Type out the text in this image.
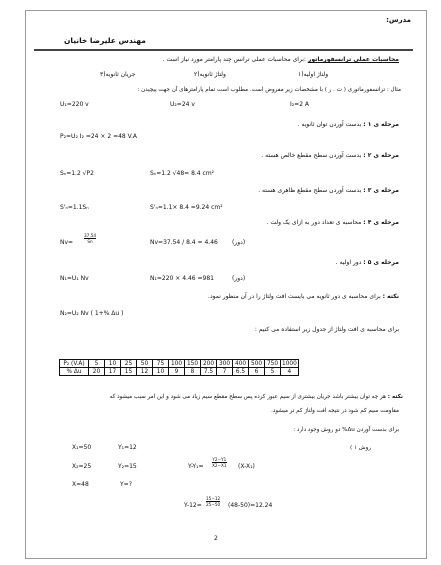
مدرس:
مهندس علیرضا خانیان
محاسبات عملی ترانسفورماتور :برای محاسبات عملی ترانس چند پارامتر مورد نیاز است .
۱)ولتاژ اولیه
۲)ولتاژ ثانویه
۳)جریان ثانویه
مثال : ترانسفورماتوری ( ت . ر ) با مشخصات زیر مفروض است. مطلوب است تمام پارامترهای آن جهت پیچیدن :
U₁=220 v	U₂=24 v	I₂=2 A
مرحله ی ۱ : بدست آوردن توان ثانویه .
P₂=U₂ I₂ =24 × 2 =48 V.A
مرحله ی ۲ : بدست آوردن سطح مقطع خالص هسته .
Sₙ=1.2 √P2	Sₙ=1.2 √48= 8.4 cm²
مرحله ی ۳ : بدست آوردن سطح مقطع ظاهری هسته .
S'ₙ=1.1Sₙ	S'ₙ=1.1× 8.4 =9.24 cm²
مرحله ی ۴ : محاسبه ی تعداد دور به ازای یک ولت .
Nv=	$\frac{37.54}{Sn}$	Nv=37.54 / 8.4 = 4.46 (دور)
مرحله ی ۵ : دور اولیه .
N₁=U₁ Nv	N₁=220 × 4.46 =981	(دور)
نکته : برای محاسبه ی دور ثانویه می بایست افت ولتاژ را در آن منظور نمود.
N₂=U₂ Nv ( 1+% Δu )
برای محاسبه ی افت ولتاژ از جدول زیر استفاده می کنیم :
P₂ (V.A)	5	10	25	50	75	100	150	200	300	400	500	750	1000
% Δu	20	17	15	12	10	9	8	7.5	7	6.5	6	5	4
نکته : هر چه توان بیشتر باشد جریان بیشتری از سیم عبور کرده پس سطح مقطع سیم زیاد می شود و این امر سبب میشود که
مقاومت سیم کم شود در نتیجه افت ولتاژ کم تر میشود.
برای بدست آوردن Δu% دو روش وجود دارد :
روش ۱ )
X₁=50	Y₁=12
X₂=25	Y₂=15
X=48	Y=?
$Y-Y_1= \frac{Y2-Y1}{X2-X1} (X-X_1)$
$Y-12= \frac{15-12}{25-50} (48-50)=12.24$
2
